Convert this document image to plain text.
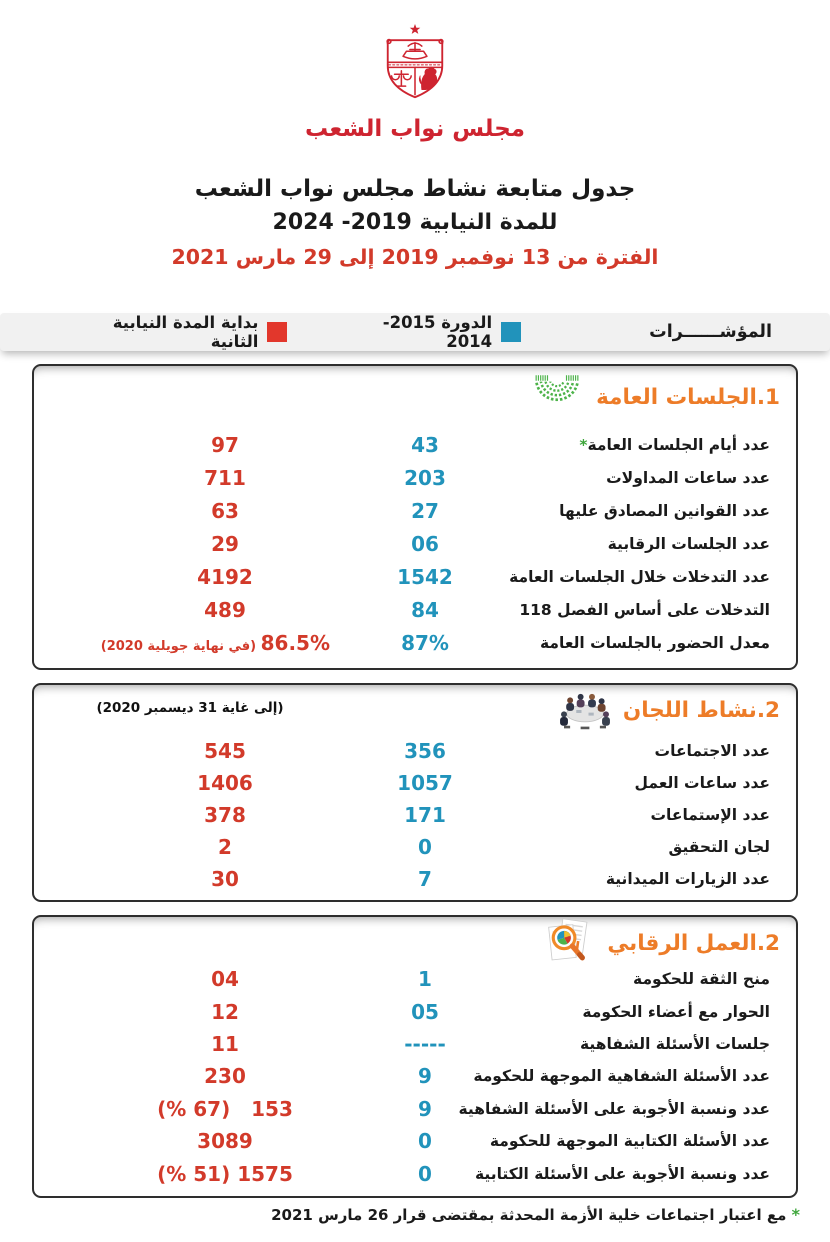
مجلس نواب الشعب
جدول متابعة نشاط مجلس نواب الشعب
للمدة النيابية 2019- 2024
الفترة من 13 نوفمبر 2019 إلى 29 مارس 2021
المؤشــــــرات
الدورة 2015-2014
بداية المدة النيابية الثانية
1.الجلسات العامة
عدد أيام الجلسات العامة*
43
97
عدد ساعات المداولات
203
711
عدد القوانين المصادق عليها
27
63
عدد الجلسات الرقابية
06
29
عدد التدخلات خلال الجلسات العامة
1542
4192
التدخلات على أساس الفصل 118
84
489
معدل الحضور بالجلسات العامة
87%
86.5% (في نهاية جويلية 2020)
2.نشاط اللجان
(إلى غاية 31 ديسمبر 2020)
عدد الاجتماعات
356
545
عدد ساعات العمل
1057
1406
عدد الإستماعات
171
378
لجان التحقيق
0
2
عدد الزيارات الميدانية
7
30
2.العمل الرقابي
منح الثقة للحكومة
1
04
الحوار مع أعضاء الحكومة
05
12
جلسات الأسئلة الشفاهية
-----
11
عدد الأسئلة الشفاهية الموجهة للحكومة
9
230
عدد ونسبة الأجوبة على الأسئلة الشفاهية
9
153   (67 %)
عدد الأسئلة الكتابية الموجهة للحكومة
0
3089
عدد ونسبة الأجوبة على الأسئلة الكتابية
0
1575 (51 %)
* مع اعتبار اجتماعات خلية الأزمة المحدثة بمقتضى قرار 26 مارس 2021
